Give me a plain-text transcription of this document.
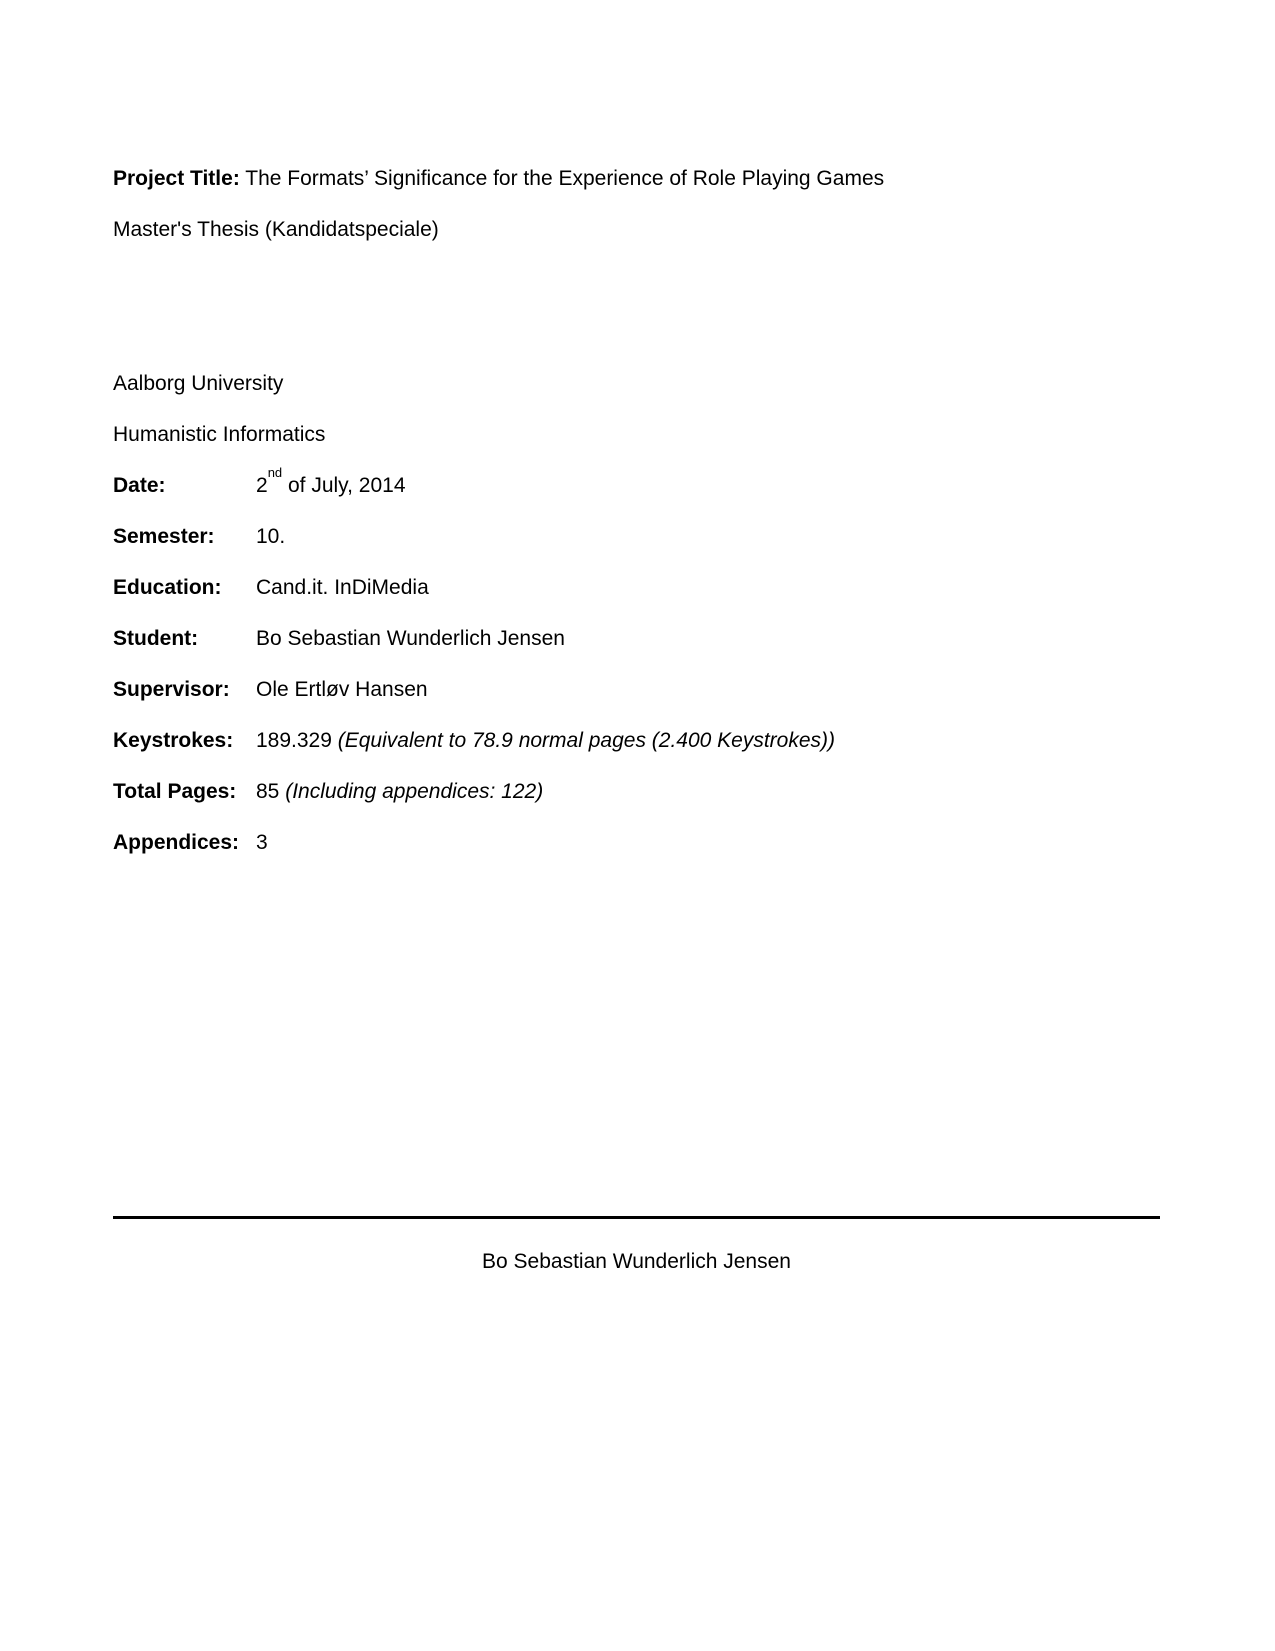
Project Title: The Formats’ Significance for the Experience of Role Playing Games

Master's Thesis (Kandidatspeciale)

Aalborg University

Humanistic Informatics

Date:	2nd of July, 2014
Semester:	10.
Education:	Cand.it. InDiMedia
Student:	Bo Sebastian Wunderlich Jensen
Supervisor:	Ole Ertløv Hansen
Keystrokes:	189.329 (Equivalent to 78.9 normal pages (2.400 Keystrokes))
Total Pages: 85 (Including appendices: 122)
Appendices: 3
Bo Sebastian Wunderlich Jensen
